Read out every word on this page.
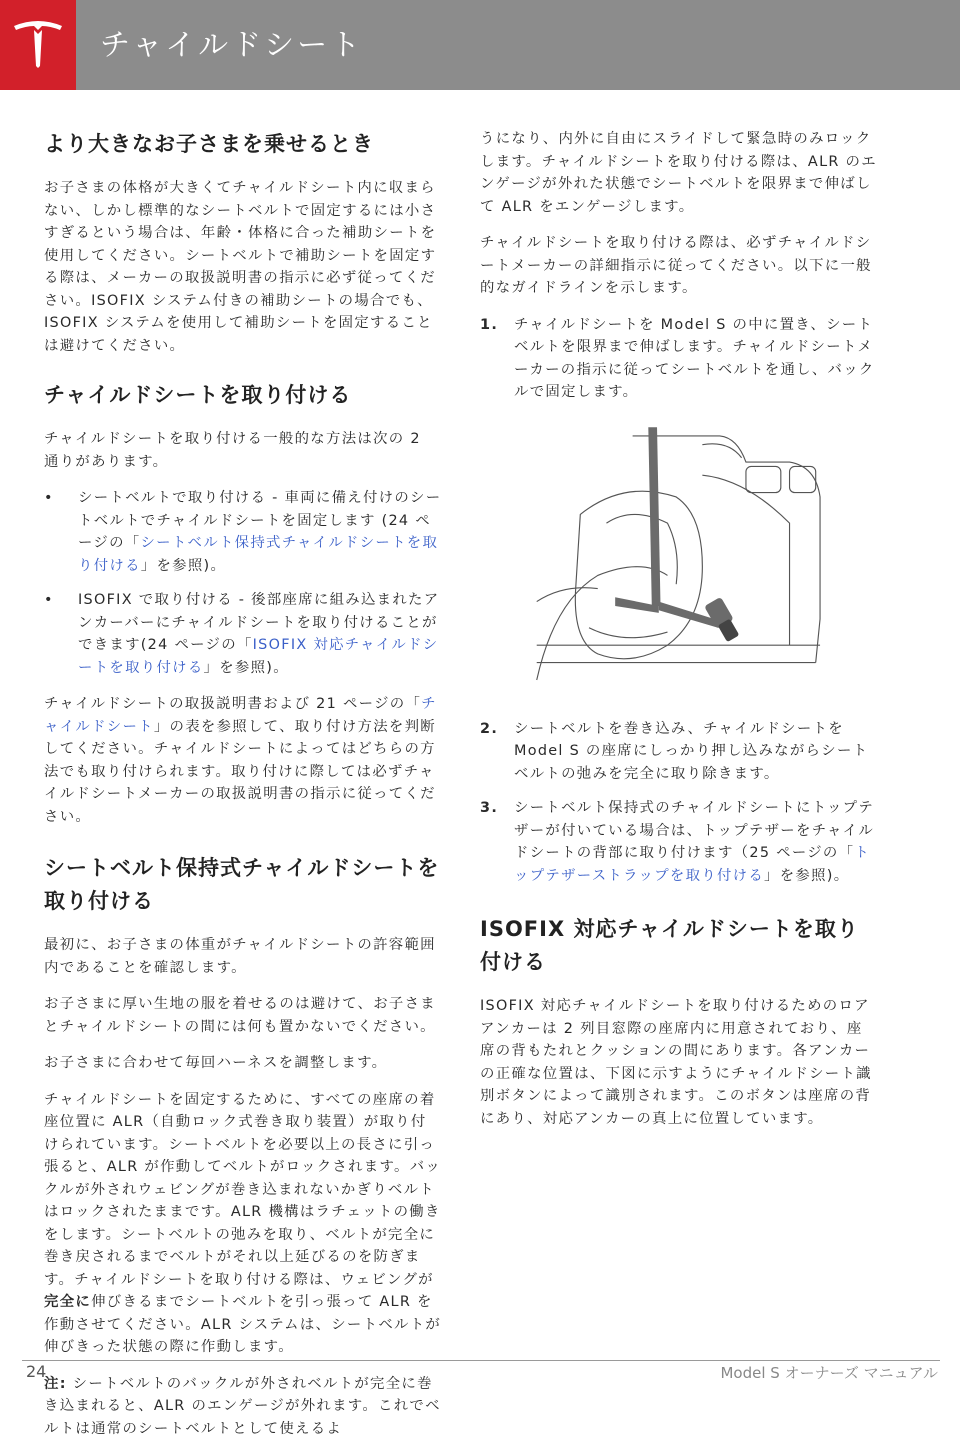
チャイルドシート
より大きなお子さまを乗せるとき

お子さまの体格が大きくてチャイルドシート内に収まらない、しかし標準的なシートベルトで固定するには小さすぎるという場合は、年齢・体格に合った補助シートを使用してください。シートベルトで補助シートを固定する際は、メーカーの取扱説明書の指示に必ず従ってください。ISOFIX システム付きの補助シートの場合でも、ISOFIX システムを使用して補助シートを固定することは避けてください。

チャイルドシートを取り付ける

チャイルドシートを取り付ける一般的な方法は次の 2 通りがあります。

• シートベルトで取り付ける - 車両に備え付けのシートベルトでチャイルドシートを固定します (24 ページの「シートベルト保持式チャイルドシートを取り付ける」を参照)。
• ISOFIX で取り付ける - 後部座席に組み込まれたアンカーバーにチャイルドシートを取り付けることができます(24 ページの「ISOFIX 対応チャイルドシートを取り付ける」を参照)。

チャイルドシートの取扱説明書および 21 ページの「チャイルドシート」の表を参照して、取り付け方法を判断してください。チャイルドシートによってはどちらの方法でも取り付けられます。取り付けに際しては必ずチャイルドシートメーカーの取扱説明書の指示に従ってください。

シートベルト保持式チャイルドシートを取り付ける

最初に、お子さまの体重がチャイルドシートの許容範囲内であることを確認します。

お子さまに厚い生地の服を着せるのは避けて、お子さまとチャイルドシートの間には何も置かないでください。

お子さまに合わせて毎回ハーネスを調整します。

チャイルドシートを固定するために、すべての座席の着座位置に ALR（自動ロック式巻き取り装置）が取り付けられています。シートベルトを必要以上の長さに引っ張ると、ALR が作動してベルトがロックされます。バックルが外されウェビングが巻き込まれないかぎりベルトはロックされたままです。ALR 機構はラチェットの働きをします。シートベルトの弛みを取り、ベルトが完全に巻き戻されるまでベルトがそれ以上延びるのを防ぎます。チャイルドシートを取り付ける際は、ウェビングが完全に伸びきるまでシートベルトを引っ張って ALR を作動させてください。ALR システムは、シートベルトが伸びきった状態の際に作動します。

注: シートベルトのバックルが外されベルトが完全に巻き込まれると、ALR のエンゲージが外れます。これでベルトは通常のシートベルトとして使えるよ

うになり、内外に自由にスライドして緊急時のみロックします。チャイルドシートを取り付ける際は、ALR のエンゲージが外れた状態でシートベルトを限界まで伸ばして ALR をエンゲージします。

チャイルドシートを取り付ける際は、必ずチャイルドシートメーカーの詳細指示に従ってください。以下に一般的なガイドラインを示します。

1. チャイルドシートを Model S の中に置き、シートベルトを限界まで伸ばします。チャイルドシートメーカーの指示に従ってシートベルトを通し、バックルで固定します。
2. シートベルトを巻き込み、チャイルドシートを Model S の座席にしっかり押し込みながらシートベルトの弛みを完全に取り除きます。
3. シートベルト保持式のチャイルドシートにトップテザーが付いている場合は、トップテザーをチャイルドシートの背部に取り付けます（25 ページの「トップテザーストラップを取り付ける」を参照)。
ISOFIX 対応チャイルドシートを取り付ける

ISOFIX 対応チャイルドシートを取り付けるためのロアアンカーは 2 列目窓際の座席内に用意されており、座席の背もたれとクッションの間にあります。各アンカーの正確な位置は、下図に示すようにチャイルドシート識別ボタンによって識別されます。このボタンは座席の背にあり、対応アンカーの真上に位置しています。

24	Model S オーナーズ マニュアル
